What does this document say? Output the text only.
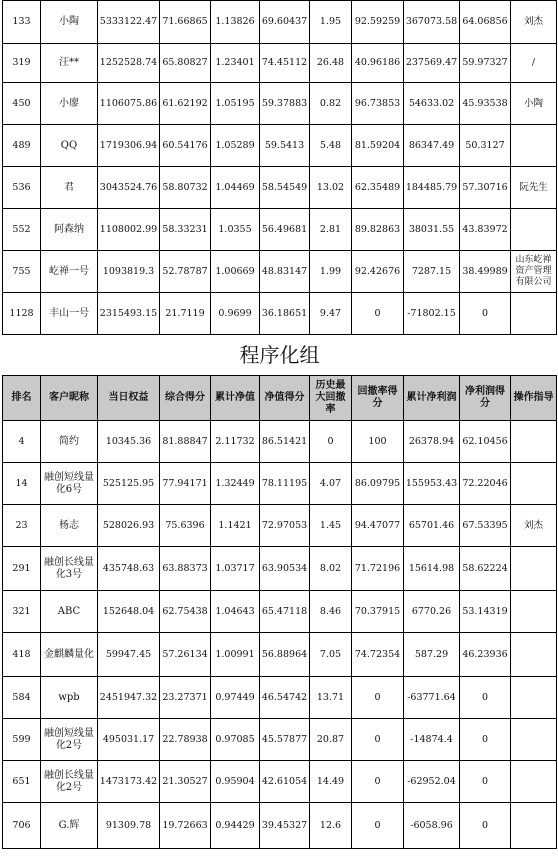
133	小陶	5333122.47	71.66865	1.13826	69.60437	1.95	92.59259	367073.58	64.06856	刘杰
319	汪**	1252528.74	65.80827	1.23401	74.45112	26.48	40.96186	237569.47	59.97327	/
450	小廖	1106075.86	61.62192	1.05195	59.37883	0.82	96.73853	54633.02	45.93538	小陶
489	QQ	1719306.94	60.54176	1.05289	59.5413	5.48	81.59204	86347.49	50.3127	
536	君	3043524.76	58.80732	1.04469	58.54549	13.02	62.35489	184485.79	57.30716	阮先生
552	阿森纳	1108002.99	58.33231	1.0355	56.49681	2.81	89.82863	38031.55	43.83972	
755	屹禅一号	1093819.3	52.78787	1.00669	48.83147	1.99	92.42676	7287.15	38.49989	山东屹禅资产管理有限公司
1128	丰山一号	2315493.15	21.7119	0.9699	36.18651	9.47	0	-71802.15	0	
程序化组										
排名	客户昵称	当日权益	综合得分	累计净值	净值得分	历史最大回撤率	回撤率得分	累计净利润	净利润得分	操作指导
4	简约	10345.36	81.88847	2.11732	86.51421	0	100	26378.94	62.10456	
14	融创短线量化6号	525125.95	77.94171	1.32449	78.11195	4.07	86.09795	155953.43	72.22046	
23	杨志	528026.93	75.6396	1.1421	72.97053	1.45	94.47077	65701.46	67.53395	刘杰
291	融创长线量化3号	435748.63	63.88373	1.03717	63.90534	8.02	71.72196	15614.98	58.62224	
321	ABC	152648.04	62.75438	1.04643	65.47118	8.46	70.37915	6770.26	53.14319	
418	金麒麟量化	59947.45	57.26134	1.00991	56.88964	7.05	74.72354	587.29	46.23936	
584	wpb	2451947.32	23.27371	0.97449	46.54742	13.71	0	-63771.64	0	
599	融创短线量化2号	495031.17	22.78938	0.97085	45.57877	20.87	0	-14874.4	0	
651	融创长线量化2号	1473173.42	21.30527	0.95904	42.61054	14.49	0	-62952.04	0	
706	G.辉	91309.78	19.72663	0.94429	39.45327	12.6	0	-6058.96	0	
